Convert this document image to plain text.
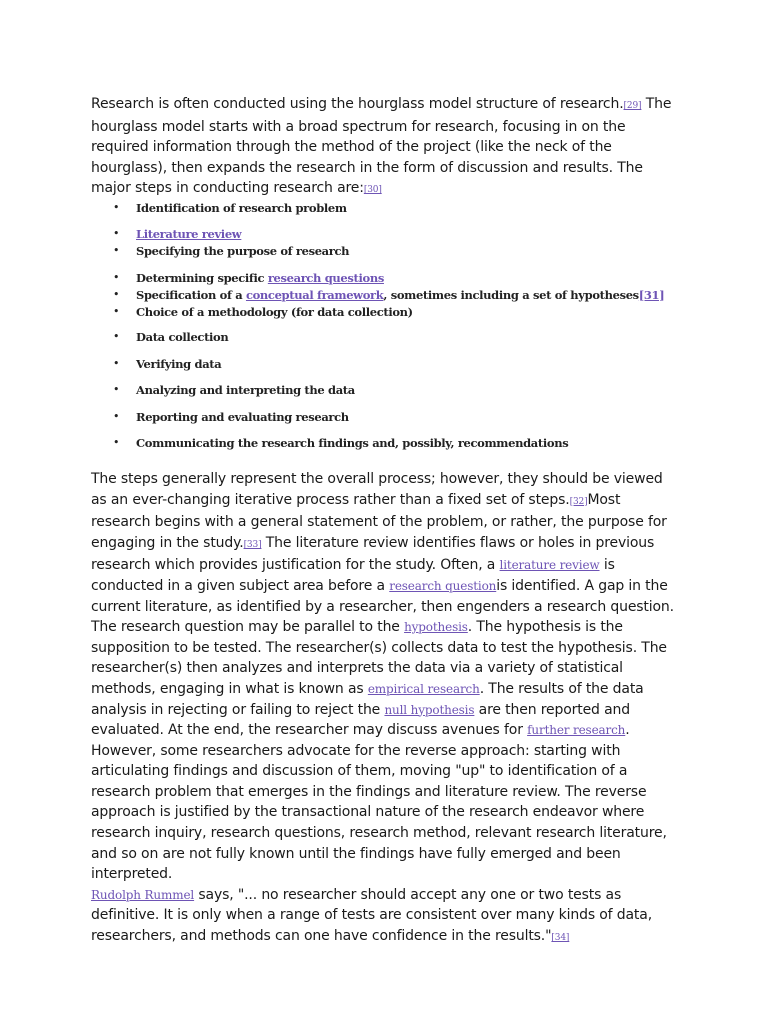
Research is often conducted using the hourglass model structure of research.[29] The hourglass model starts with a broad spectrum for research, focusing in on the required information through the method of the project (like the neck of the hourglass), then expands the research in the form of discussion and results. The major steps in conducting research are:[30]

• Identification of research problem
• Literature review
• Specifying the purpose of research
• Determining specific research questions
• Specification of a conceptual framework, sometimes including a set of hypotheses[31]
• Choice of a methodology (for data collection)
• Data collection
• Verifying data
• Analyzing and interpreting the data
• Reporting and evaluating research
• Communicating the research findings and, possibly, recommendations

The steps generally represent the overall process; however, they should be viewed as an ever-changing iterative process rather than a fixed set of steps.[32]Most research begins with a general statement of the problem, or rather, the purpose for engaging in the study.[33] The literature review identifies flaws or holes in previous research which provides justification for the study. Often, a literature review is conducted in a given subject area before a research questionis identified. A gap in the current literature, as identified by a researcher, then engenders a research question. The research question may be parallel to the hypothesis. The hypothesis is the supposition to be tested. The researcher(s) collects data to test the hypothesis. The researcher(s) then analyzes and interprets the data via a variety of statistical methods, engaging in what is known as empirical research. The results of the data analysis in rejecting or failing to reject the null hypothesis are then reported and evaluated. At the end, the researcher may discuss avenues for further research. However, some researchers advocate for the reverse approach: starting with articulating findings and discussion of them, moving "up" to identification of a research problem that emerges in the findings and literature review. The reverse approach is justified by the transactional nature of the research endeavor where research inquiry, research questions, research method, relevant research literature, and so on are not fully known until the findings have fully emerged and been interpreted.

Rudolph Rummel says, "... no researcher should accept any one or two tests as definitive. It is only when a range of tests are consistent over many kinds of data, researchers, and methods can one have confidence in the results."[34]
